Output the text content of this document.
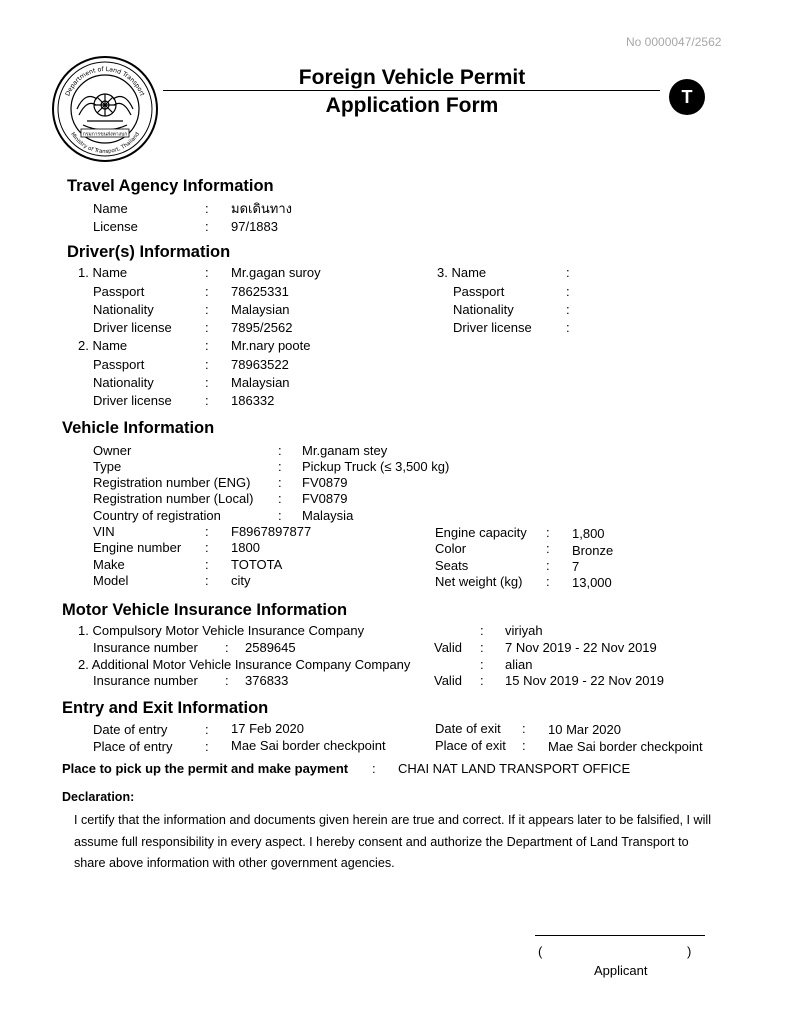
No 0000047/2562
Department of Land Transport
Ministry of Transport, Thailand
กรมการขนส่งทางบก
Foreign Vehicle Permit
Application Form	T
Travel Agency Information
Name	: มดเดินทาง
License	: 97/1883
Driver(s) Information
1. Name	: Mr.gagan suroy
Passport	: 78625331
Nationality	: Malaysian
Driver license	: 7895/2562
2. Name	: Mr.nary poote
Passport	: 78963522
Nationality	: Malaysian
Driver license	: 186332
3. Name	:
Passport	:
Nationality	:
Driver license	:
Vehicle Information
Owner	: Mr.ganam stey
Type	: Pickup Truck (≤ 3,500 kg)
Registration number (ENG) : FV0879
Registration number (Local) : FV0879
Country of registration	: Malaysia
VIN	: F8967897877
Engine number : 1800
Make	: TOTOTA
Model	: city
Engine capacity : 1,800
Color	: Bronze
Seats	: 7
Net weight (kg) : 13,000
Motor Vehicle Insurance Information
1. Compulsory Motor Vehicle Insurance Company	: viriyah
Insurance number : 2589645	Valid : 7 Nov 2019 - 22 Nov 2019
2. Additional Motor Vehicle Insurance Company Company	: alian
Insurance number : 376833	Valid : 15 Nov 2019 - 22 Nov 2019
Entry and Exit Information
Date of entry	: 17 Feb 2020
Place of entry	: Mae Sai border checkpoint
Date of exit : 10 Mar 2020
Place of exit : Mae Sai border checkpoint
Place to pick up the permit and make payment : CHAI NAT LAND TRANSPORT OFFICE
Declaration:
I certify that the information and documents given herein are true and correct. If it appears later to be falsified, I will assume full responsibility in every aspect. I hereby consent and authorize the Department of Land Transport to share above information with other government agencies.
(	)
Applicant
